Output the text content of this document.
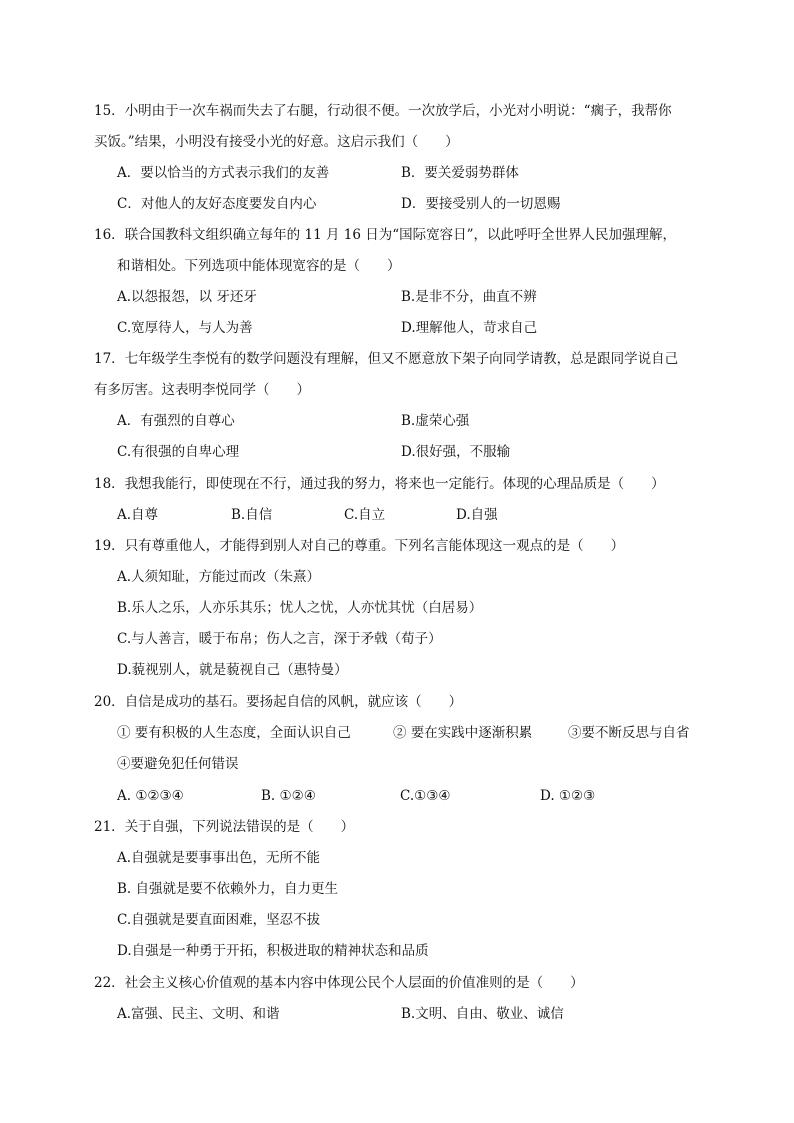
15．小明由于一次车祸而失去了右腿，行动很不便。一次放学后，小光对小明说：“瘸子，我帮你
买饭。”结果，小明没有接受小光的好意。这启示我们（　　）
A．要以恰当的方式表示我们的友善	B．要关爱弱势群体
C．对他人的友好态度要发自内心	D．要接受别人的一切恩赐
16．联合国教科文组织确立每年的 11 月 16 日为“国际宽容日”，以此呼吁全世界人民加强理解，
和谐相处。下列选项中能体现宽容的是（　　）
A.以怨报怨，以 牙还牙	B.是非不分，曲直不辨
C.宽厚待人，与人为善	D.理解他人，苛求自己
17．七年级学生李悦有的数学问题没有理解，但又不愿意放下架子向同学请教，总是跟同学说自己
有多厉害。这表明李悦同学（　　）
A．有强烈的自尊心	B.虚荣心强
C.有很强的自卑心理	D.很好强，不服输
18．我想我能行，即使现在不行，通过我的努力，将来也一定能行。体现的心理品质是（　　）
A.自尊	B.自信	C.自立	D.自强
19．只有尊重他人，才能得到别人对自己的尊重。下列名言能体现这一观点的是（　　）
A.人须知耻，方能过而改（朱熹）
B.乐人之乐，人亦乐其乐；忧人之忧，人亦忧其忧（白居易）
C.与人善言，暖于布帛；伤人之言，深于矛戟（荀子）
D.藐视别人，就是藐视自己（惠特曼）
20．自信是成功的基石。要扬起自信的风帆，就应该（　　）
① 要有积极的人生态度，全面认识自己	② 要在实践中逐渐积累	③要不断反思与自省
④要避免犯任何错误
A. ①②③④	B. ①②④	C.①③④	D. ①②③
21．关于自强，下列说法错误的是（　　）
A.自强就是要事事出色，无所不能
B. 自强就是要不依赖外力，自力更生
C.自强就是要直面困难，坚忍不拔
D.自强是一种勇于开拓，积极进取的精神状态和品质
22．社会主义核心价值观的基本内容中体现公民个人层面的价值准则的是（　　）
A.富强、民主、文明、和谐	B.文明、自由、敬业、诚信
